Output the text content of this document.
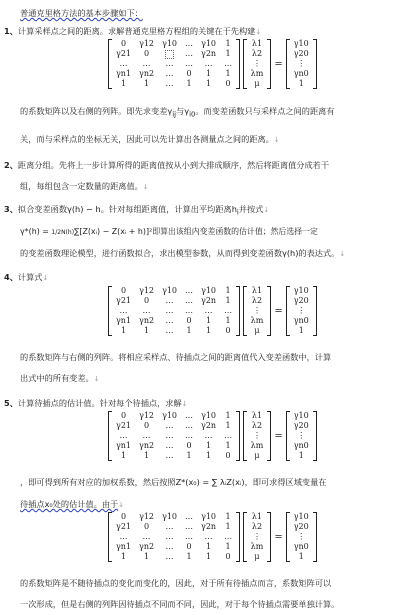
普通克里格方法的基本步骤如下：
1、计算采样点之间的距离。求解普通克里格方程组的关键在于先构建↓
0	γ12	γ10	…	γ10	1
γ21	0		…	γ2n	1
…	…	…	…	…	…
γn1	γn2	…	0	1	1
1	1	…	1	1	0

λ1
λ2
⋮
λm
μ
=
γ10
γ20
⋮
γn0
1
的系数矩阵以及右侧的列阵。即先求变差$\gamma_{ij}$与$\gamma_{i0}$。而变差函数只与采样点之间的距离有
关，而与采样点的坐标无关，因此可以先计算出各测量点之间的距离。↓
2、距离分组。先将上一步计算所得的距离值按从小到大排成顺序，然后将距离值分成若干
组，每组包含一定数量的距离值。↓
3、拟合变差函数γ(h) − h。针对每组距离值，计算出平均距离$h_i$并按式↓
γ*(h) = 1/2N(h)∑[Z(xᵢ) − Z(xᵢ + h)]²即算出该组内变差函数的估计值；然后选择一定
的变差函数理论模型，进行函数拟合，求出模型参数，从而得到变差函数γ(h)的表达式。↓
4、计算式↓
0	γ12	γ10	…	γ10	1
γ21	0	…	…	γ2n	1
…	…	…	…	…	…
γn1	γn2	…	0	1	1
1	1	…	1	1	0

λ1
λ2
⋮
λm
μ
=
γ10
γ20
⋮
γn0
1
的系数矩阵与右侧的列阵。将相应采样点、待插点之间的距离值代入变差函数中，计算
出式中的所有变差。↓
5、计算待插点的估计值。针对每个待插点，求解↓
0	γ12	γ10	…	γ10	1
γ21	0	…	…	γ2n	1
…	…	…	…	…	…
γn1	γn2	…	0	1	1
1	1	…	1	1	0

λ1
λ2
⋮
λm
μ
=
γ10
γ20
⋮
γn0
1
，即可得到所有对应的加权系数，然后按照Z*(x₀) = ∑ λᵢZ(xᵢ)，即可求得区域变量在
待插点x₀处的估计值。由于↓
0	γ12	γ10	…	γ10	1
γ21	0	…	…	γ2n	1
…	…	…	…	…	…
γn1	γn2	…	0	1	1
1	1	…	1	1	0

λ1
λ2
⋮
λm
μ
=
γ10
γ20
⋮
γn0
1
的系数矩阵是不随待插点的变化而变化的，因此，对于所有待插点而言，系数矩阵可以
一次形成，但是右侧的列阵因待插点不同而不同，因此，对于每个待插点需要单独计算。
